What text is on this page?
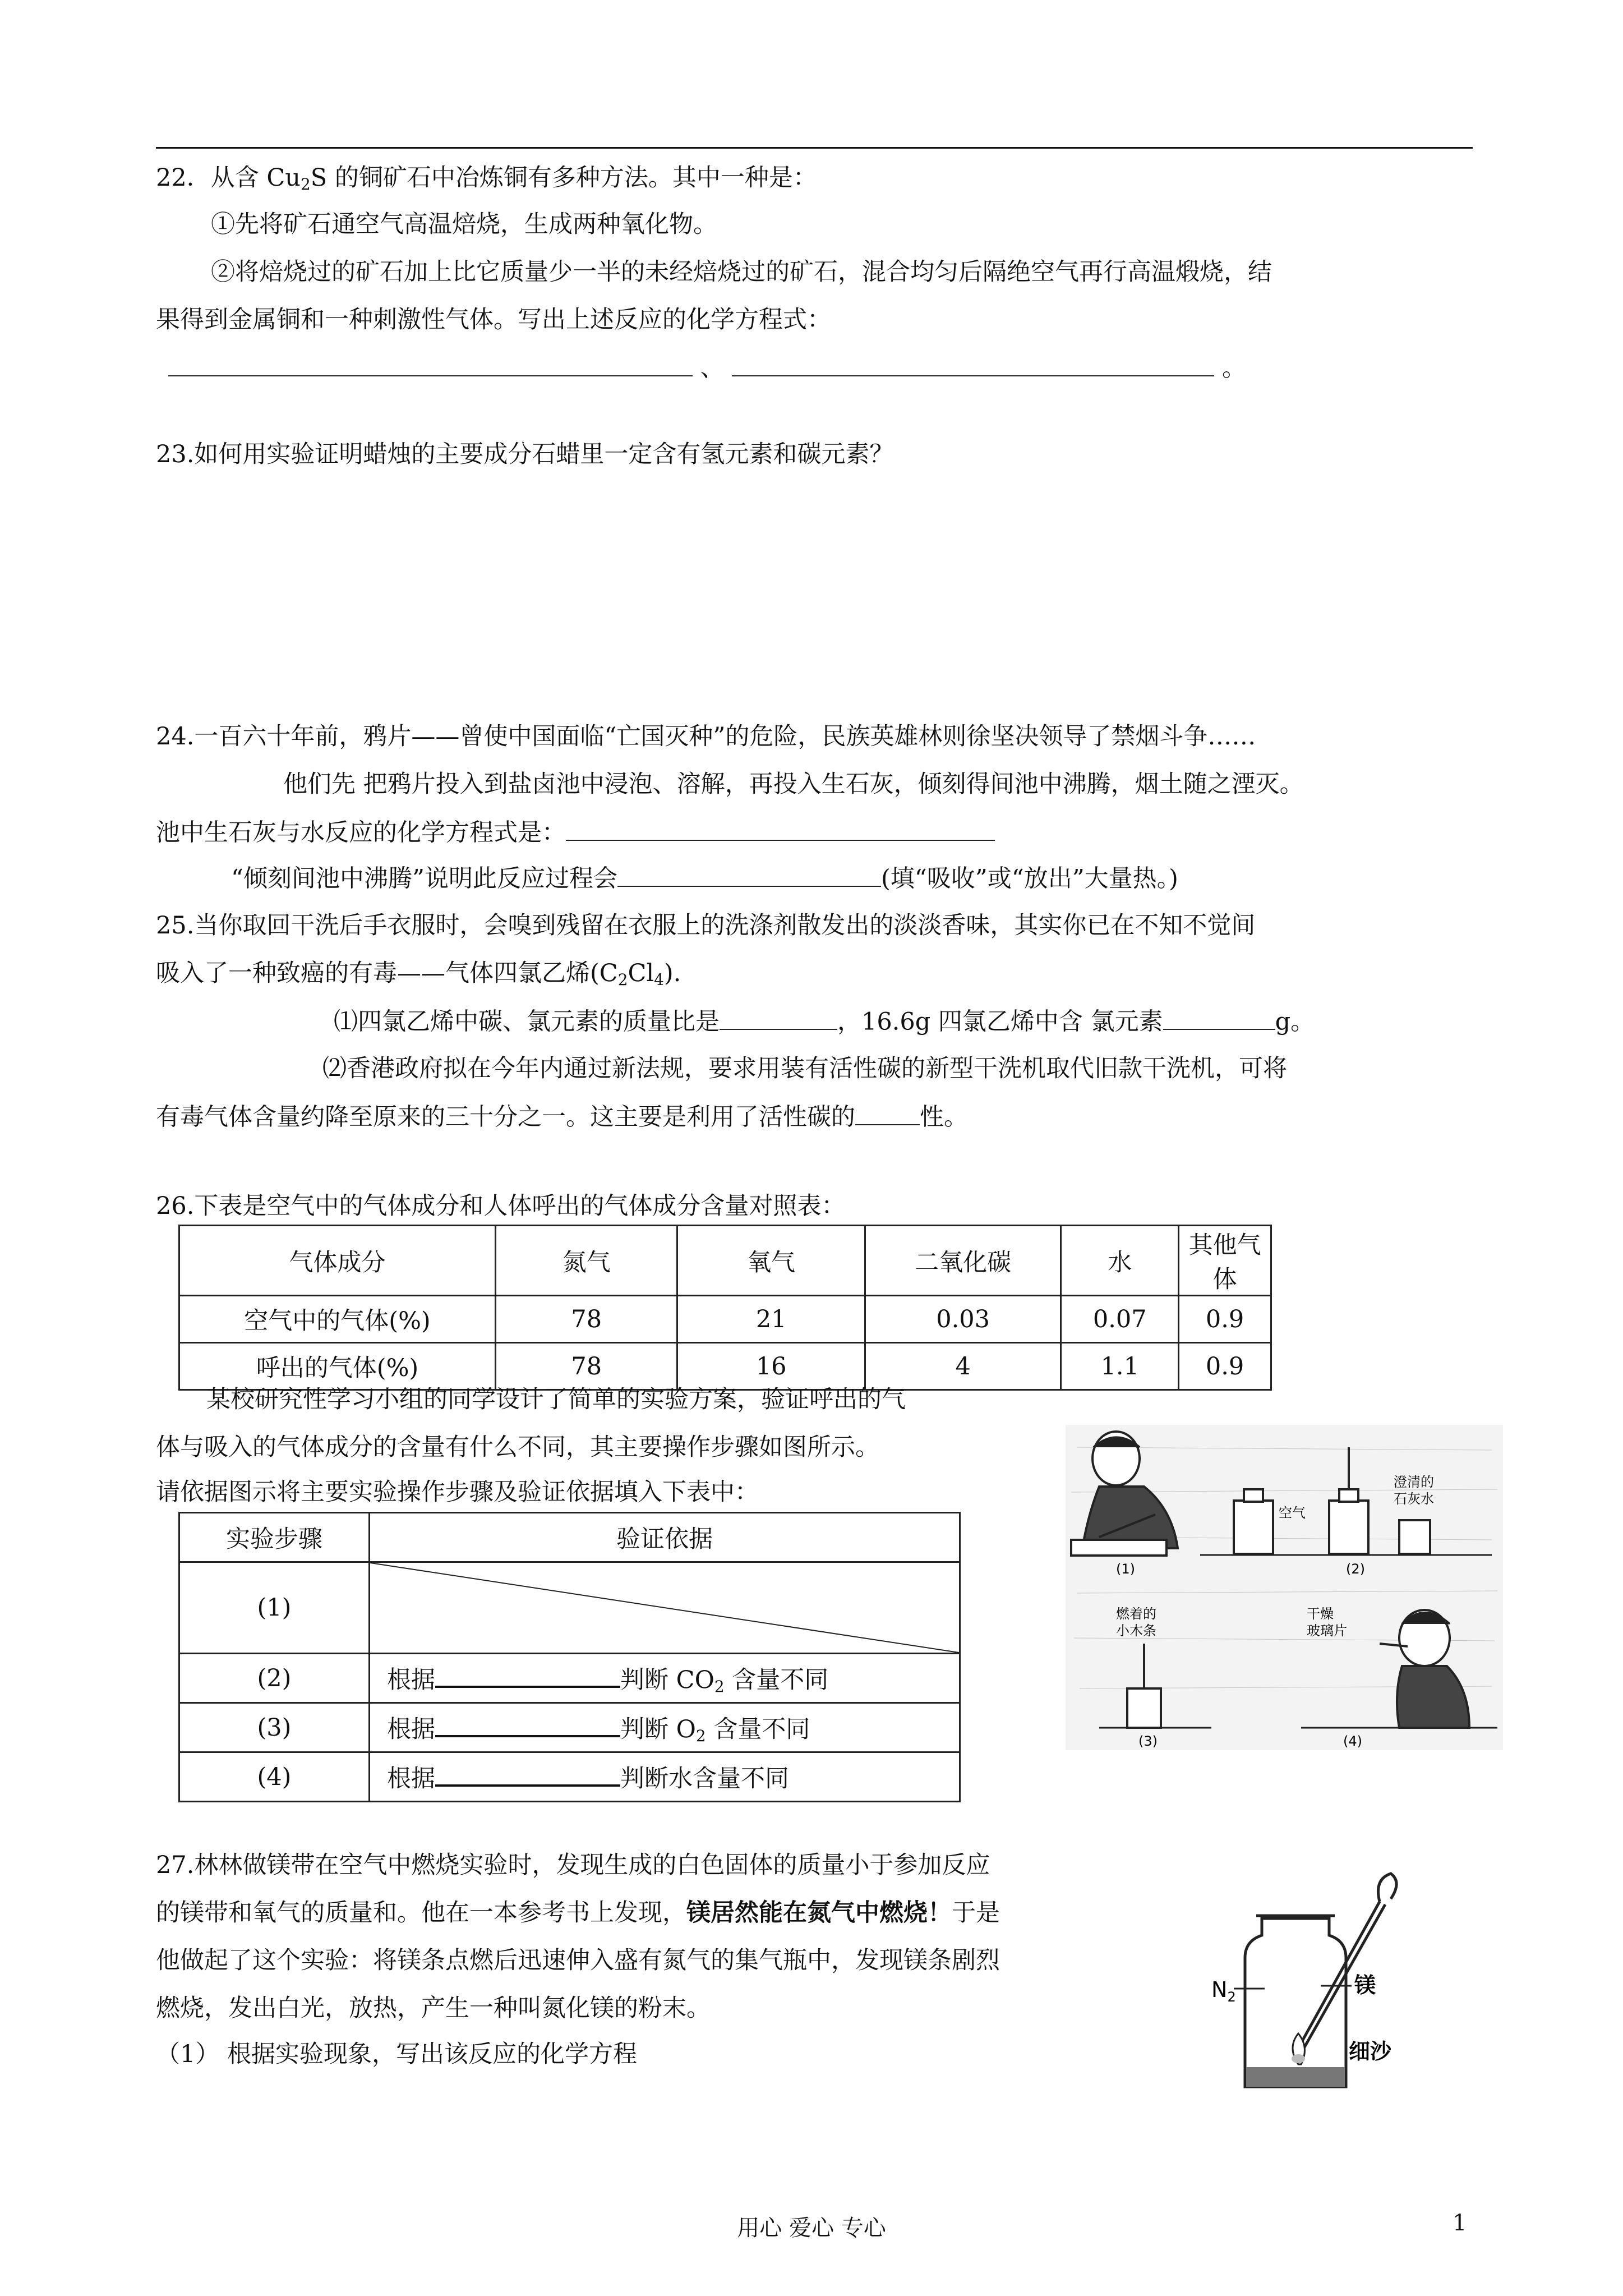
22．从含 $Cu_2S$ 的铜矿石中冶炼铜有多种方法。其中一种是：
①先将矿石通空气高温焙烧，生成两种氧化物。
②将焙烧过的矿石加上比它质量少一半的未经焙烧过的矿石，混合均匀后隔绝空气再行高温煅烧，结
果得到金属铜和一种刺激性气体。写出上述反应的化学方程式：
、	。
23.如何用实验证明蜡烛的主要成分石蜡里一定含有氢元素和碳元素？
24.一百六十年前，鸦片——曾使中国面临“亡国灭种”的危险，民族英雄林则徐坚决领导了禁烟斗争……
他们先 把鸦片投入到盐卤池中浸泡、溶解，再投入生石灰，倾刻得间池中沸腾，烟土随之湮灭。
池中生石灰与水反应的化学方程式是：
“倾刻间池中沸腾”说明此反应过程会	(填“吸收”或“放出”大量热。)
25.当你取回干洗后手衣服时，会嗅到残留在衣服上的洗涤剂散发出的淡淡香味，其实你已在不知不觉间
吸入了一种致癌的有毒——气体四氯乙烯$(C_2Cl_4)$.
⑴四氯乙烯中碳、氯元素的质量比是	，16.6g 四氯乙烯中含 氯元素	g。
⑵香港政府拟在今年内通过新法规，要求用装有活性碳的新型干洗机取代旧款干洗机，可将
有毒气体含量约降至原来的三十分之一。这主要是利用了活性碳的	性。
26.下表是空气中的气体成分和人体呼出的气体成分含量对照表：
气体成分	氮气	氧气	二氧化碳	水	其他气体
空气中的气体(%)	78	21	0.03	0.07	0.9
呼出的气体(%)	78	16	4	1.1	0.9
某校研究性学习小组的同学设计了简单的实验方案，验证呼出的气
体与吸入的气体成分的含量有什么不同，其主要操作步骤如图所示。
请依据图示将主要实验操作步骤及验证依据填入下表中：
实验步骤	验证依据
(1)	

(2)	根据 判断 $CO_2$ 含量不同
(3)	根据 判断 $O_2$ 含量不同
(4)	根据 判断水含量不同
空气
澄清的
石灰水
(1)	(2)
燃着的
小木条
(3)
干燥
玻璃片
(4)
27.林林做镁带在空气中燃烧实验时，发现生成的白色固体的质量小于参加反应
的镁带和氧气的质量和。他在一本参考书上发现，镁居然能在氮气中燃烧！于是
他做起了这个实验：将镁条点燃后迅速伸入盛有氮气的集气瓶中，发现镁条剧烈
燃烧，发出白光，放热，产生一种叫氮化镁的粉末。
（1） 根据实验现象，写出该反应的化学方程
$N_2$	镁
细沙
用心 爱心 专心	1
